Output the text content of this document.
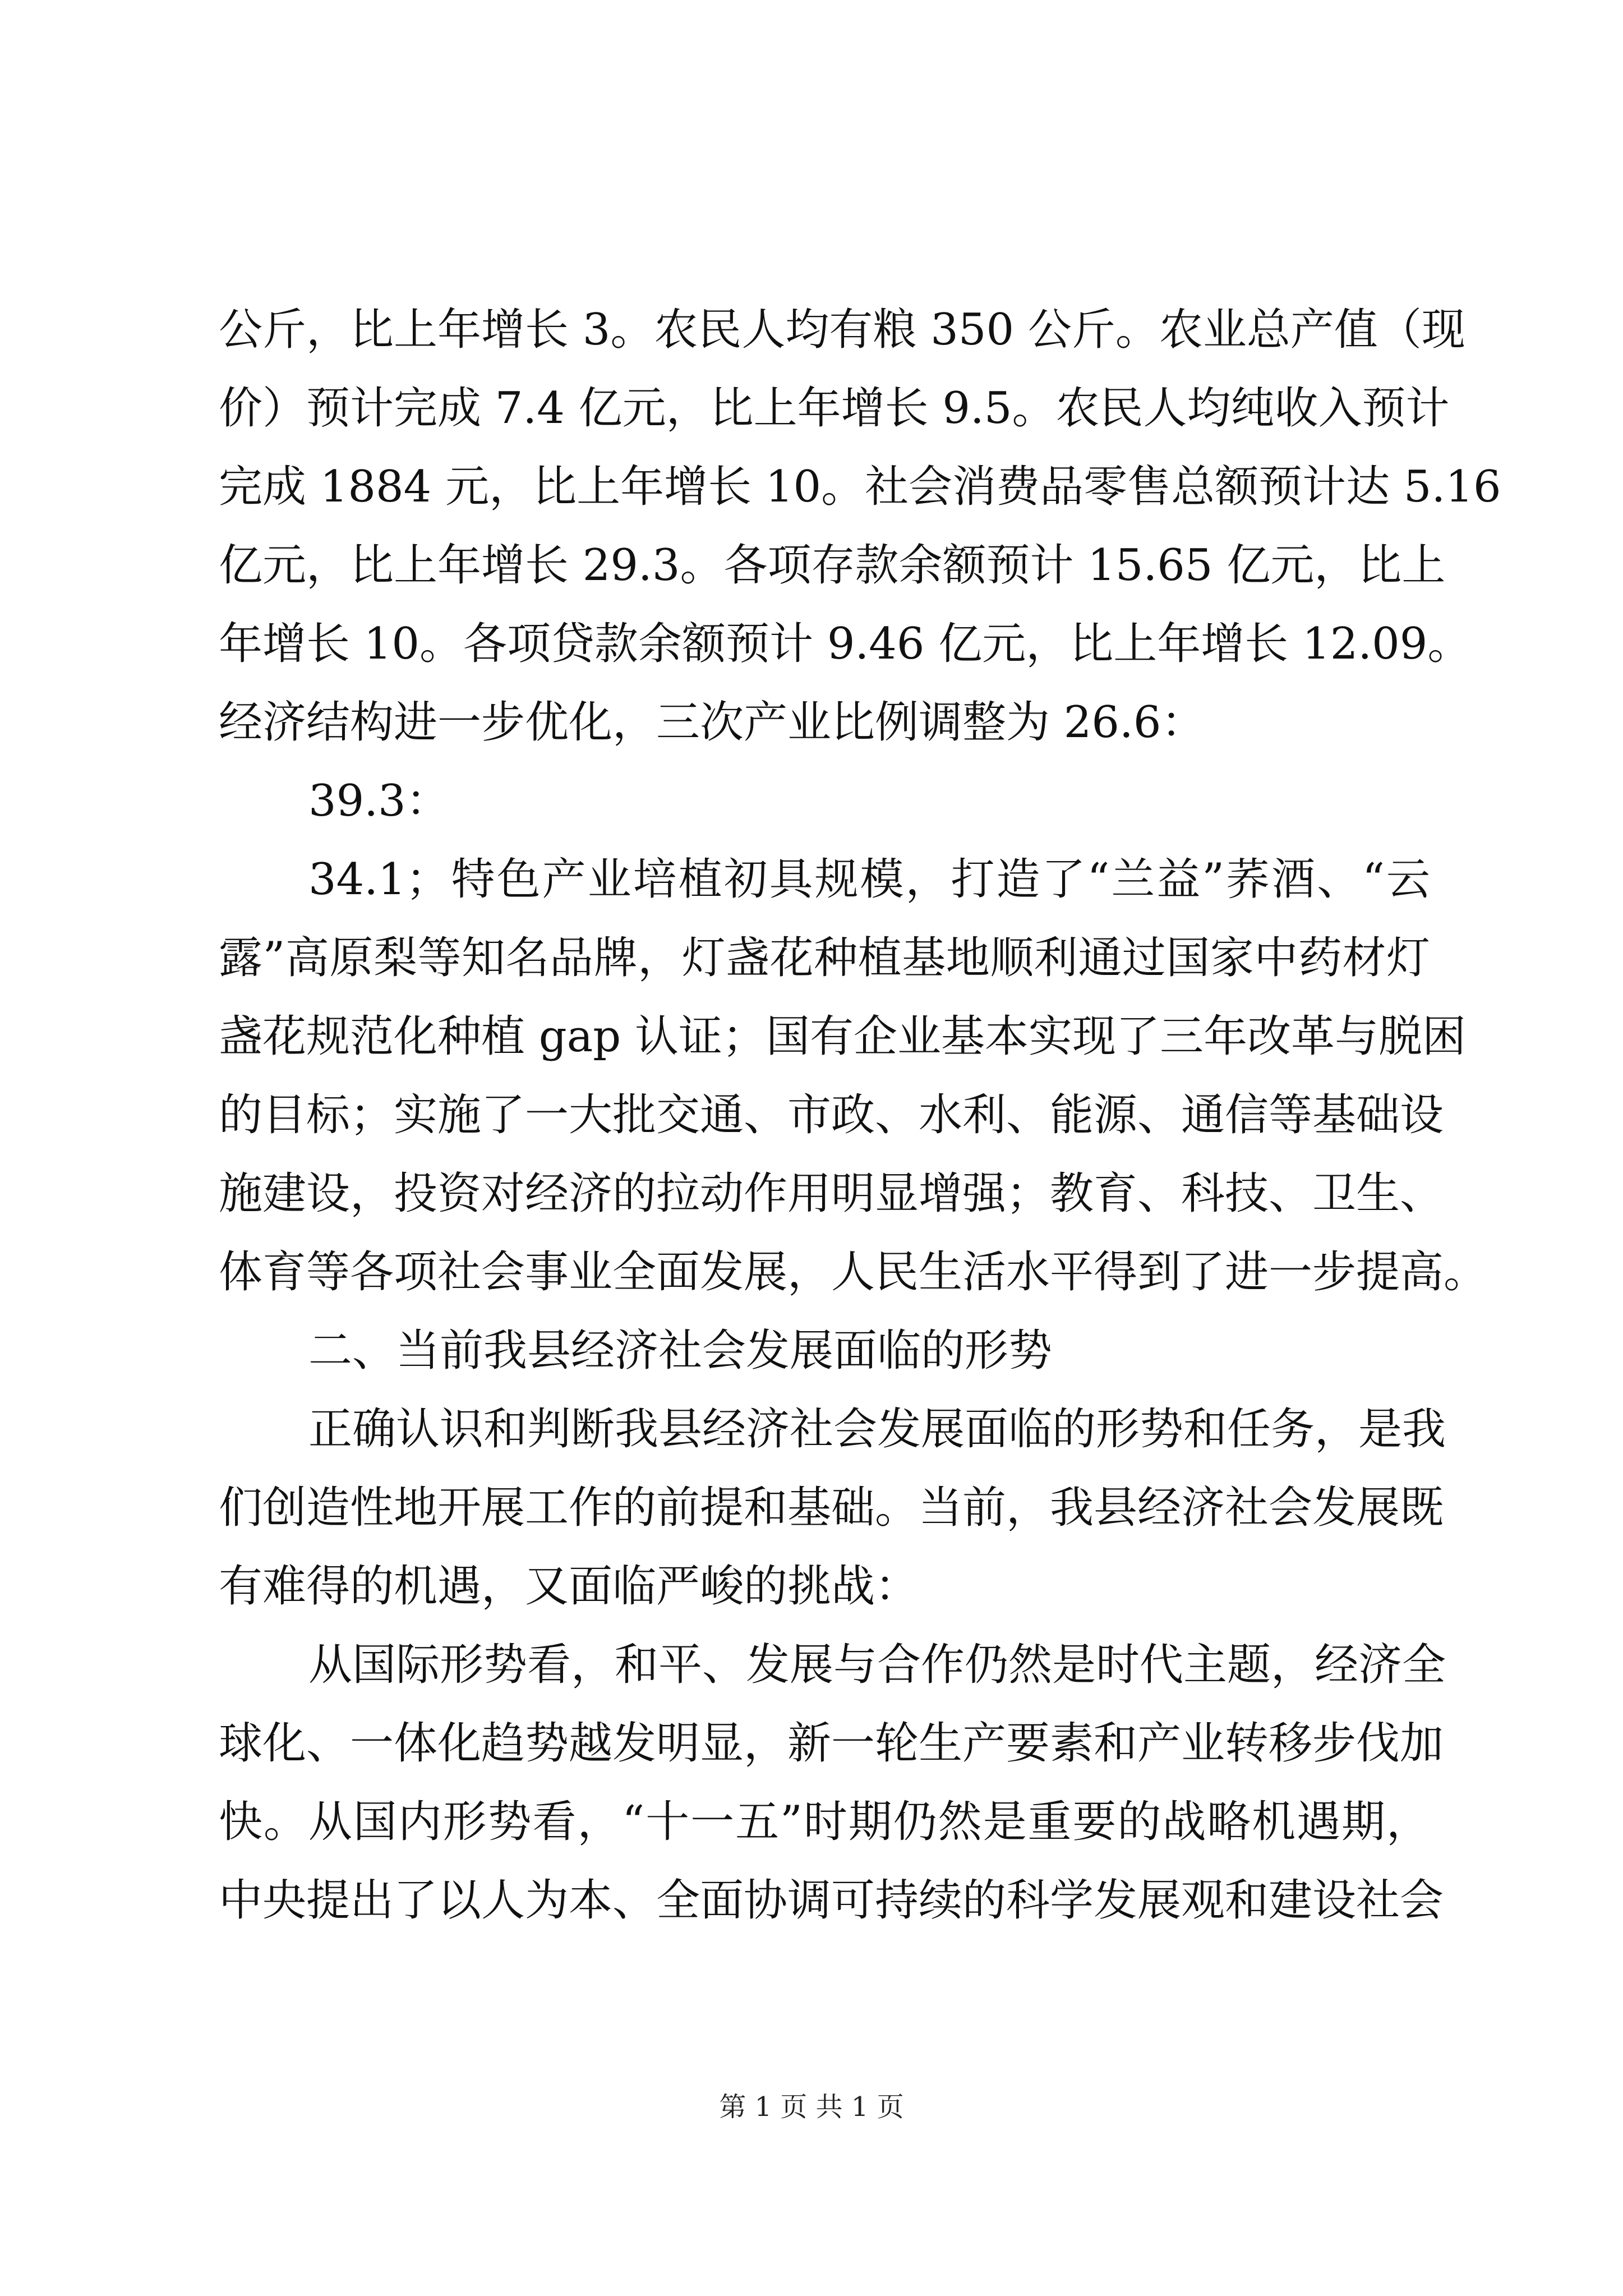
公斤，比上年增长 3。农民人均有粮 350 公斤。农业总产值（现
价）预计完成 7.4 亿元，比上年增长 9.5。农民人均纯收入预计
完成 1884 元，比上年增长 10。社会消费品零售总额预计达 5.16
亿元，比上年增长 29.3。各项存款余额预计 15.65 亿元，比上
年增长 10。各项贷款余额预计 9.46 亿元，比上年增长 12.09。
经济结构进一步优化，三次产业比例调整为 26.6：
39.3：
34.1；特色产业培植初具规模，打造了“兰益”荞酒、“云
露”高原梨等知名品牌，灯盏花种植基地顺利通过国家中药材灯
盏花规范化种植 gap 认证；国有企业基本实现了三年改革与脱困
的目标；实施了一大批交通、市政、水利、能源、通信等基础设
施建设，投资对经济的拉动作用明显增强；教育、科技、卫生、
体育等各项社会事业全面发展，人民生活水平得到了进一步提高。
二、当前我县经济社会发展面临的形势
正确认识和判断我县经济社会发展面临的形势和任务，是我
们创造性地开展工作的前提和基础。当前，我县经济社会发展既
有难得的机遇，又面临严峻的挑战：
从国际形势看，和平、发展与合作仍然是时代主题，经济全
球化、一体化趋势越发明显，新一轮生产要素和产业转移步伐加
快。从国内形势看，“十一五”时期仍然是重要的战略机遇期，
中央提出了以人为本、全面协调可持续的科学发展观和建设社会
第 1 页 共 1 页
